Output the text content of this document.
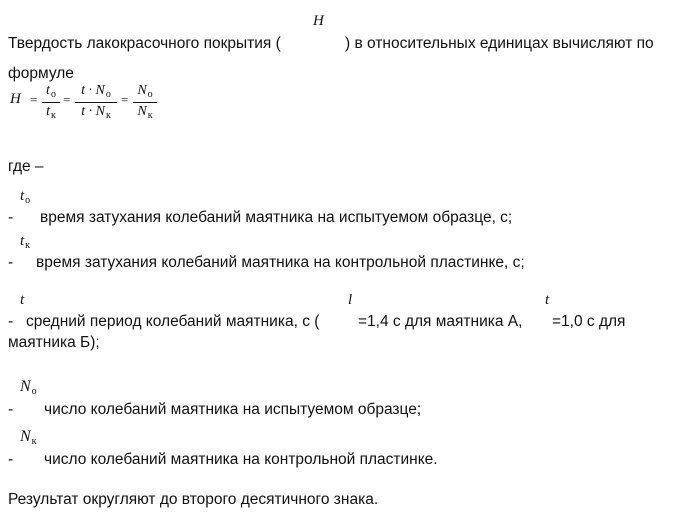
H
Твердость лакокрасочного покрытия (	) в относительных единицах вычисляют по
формуле
H =
$t_o$
$t_к$
=
$t \cdot N_o$
$t \cdot N_к$
=
$N_o$
$N_к$
где –
$t_o$
- время затухания колебаний маятника на испытуемом образце, с;
$t_к$
- время затухания колебаний маятника на контрольной пластинке, с;
t	l	t
- средний период колебаний маятника, с ( =1,4 с для маятника А, =1,0 с для
маятника Б);
$N_o$
- число колебаний маятника на испытуемом образце;
$N_к$
- число колебаний маятника на контрольной пластинке.
Результат округляют до второго десятичного знака.
